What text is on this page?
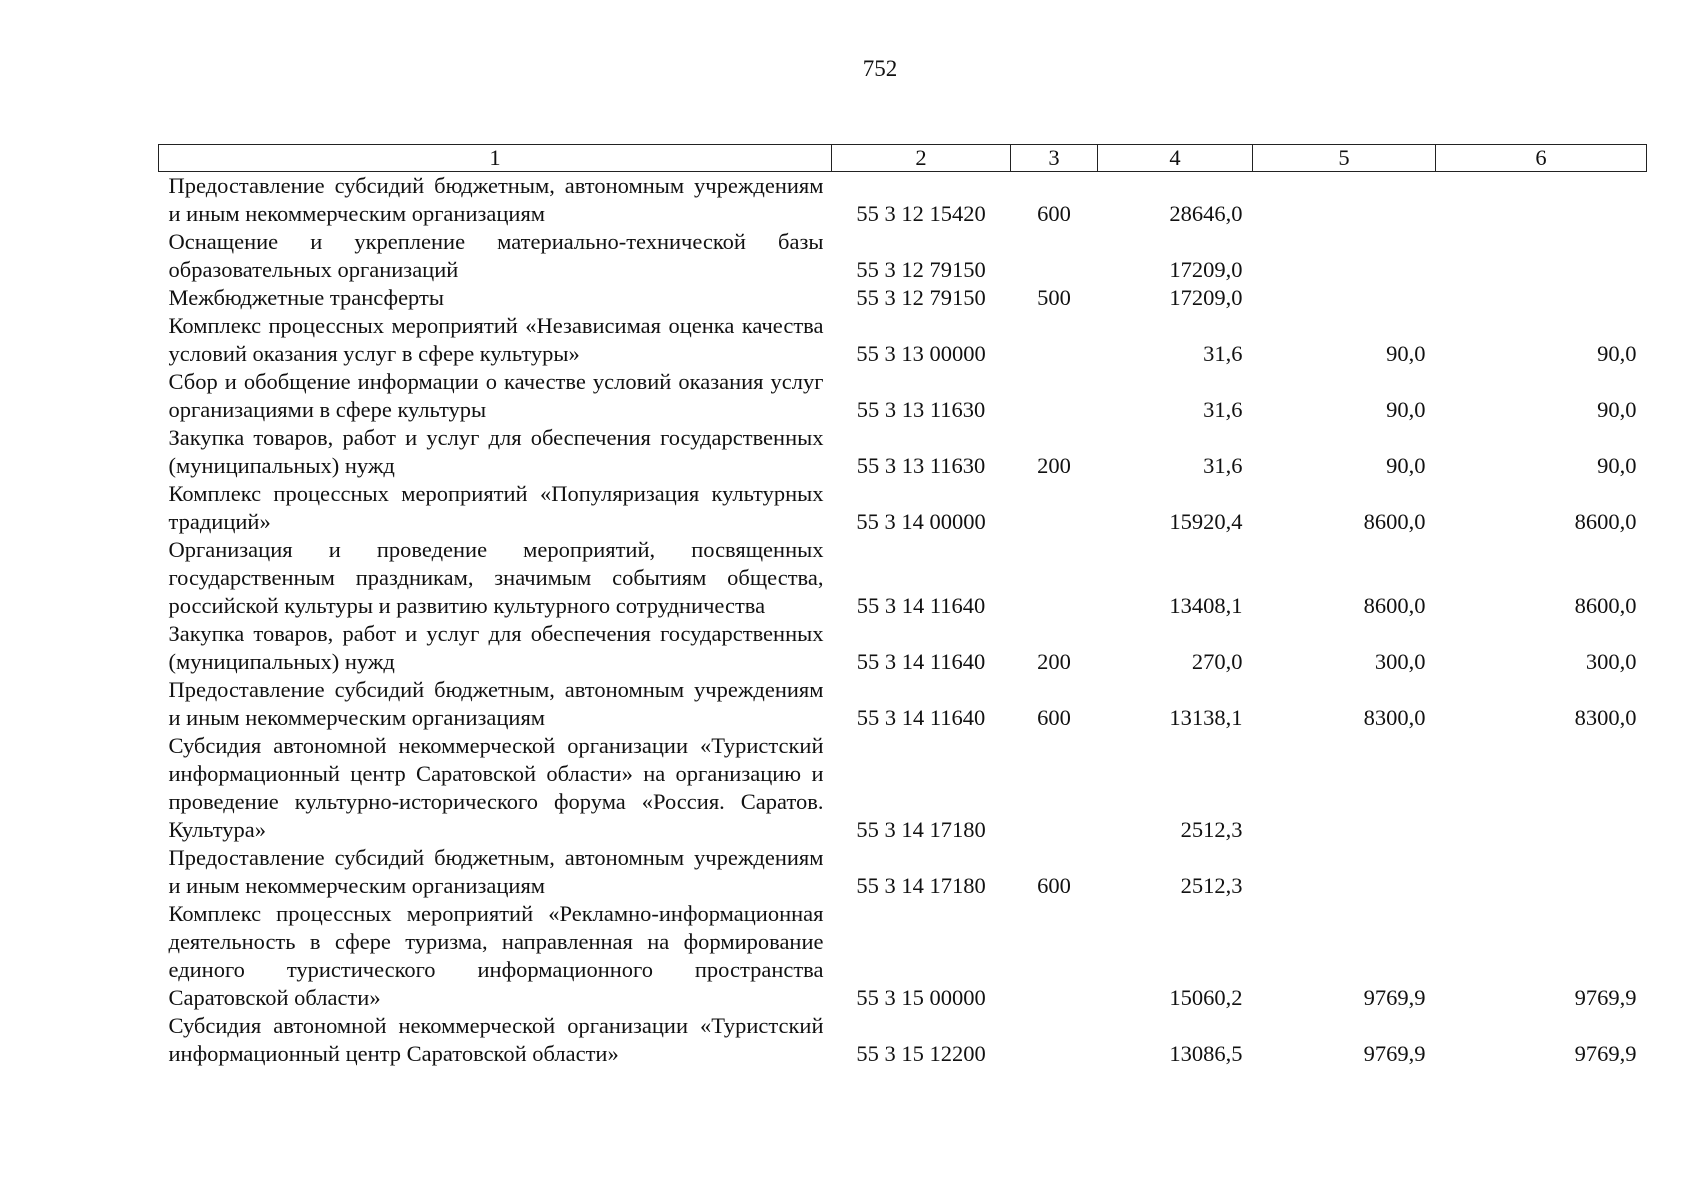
752
1	2	3	4	5	6
Предоставление субсидий бюджетным, автономным учреждениям и иным некоммерческим организациям	55 3 12 15420	600	28646,0		
Оснащение и укрепление материально-технической базы образовательных организаций	55 3 12 79150		17209,0		
Межбюджетные трансферты	55 3 12 79150	500	17209,0		
Комплекс процессных мероприятий «Независимая оценка качества условий оказания услуг в сфере культуры»	55 3 13 00000		31,6	90,0	90,0
Сбор и обобщение информации о качестве условий оказания услуг организациями в сфере культуры	55 3 13 11630		31,6	90,0	90,0
Закупка товаров, работ и услуг для обеспечения государственных (муниципальных) нужд	55 3 13 11630	200	31,6	90,0	90,0
Комплекс процессных мероприятий «Популяризация культурных традиций»	55 3 14 00000		15920,4	8600,0	8600,0
Организация и проведение мероприятий, посвященных государственным праздникам, значимым событиям общества, российской культуры и развитию культурного сотрудничества	55 3 14 11640		13408,1	8600,0	8600,0
Закупка товаров, работ и услуг для обеспечения государственных (муниципальных) нужд	55 3 14 11640	200	270,0	300,0	300,0
Предоставление субсидий бюджетным, автономным учреждениям и иным некоммерческим организациям	55 3 14 11640	600	13138,1	8300,0	8300,0
Субсидия автономной некоммерческой организации «Туристский информационный центр Саратовской области» на организацию и проведение культурно-исторического форума «Россия. Саратов. Культура»	55 3 14 17180		2512,3		
Предоставление субсидий бюджетным, автономным учреждениям и иным некоммерческим организациям	55 3 14 17180	600	2512,3		
Комплекс процессных мероприятий «Рекламно-информационная деятельность в сфере туризма, направленная на формирование единого туристического информационного пространства Саратовской области»	55 3 15 00000		15060,2	9769,9	9769,9
Субсидия автономной некоммерческой организации «Туристский информационный центр Саратовской области»	55 3 15 12200		13086,5	9769,9	9769,9
